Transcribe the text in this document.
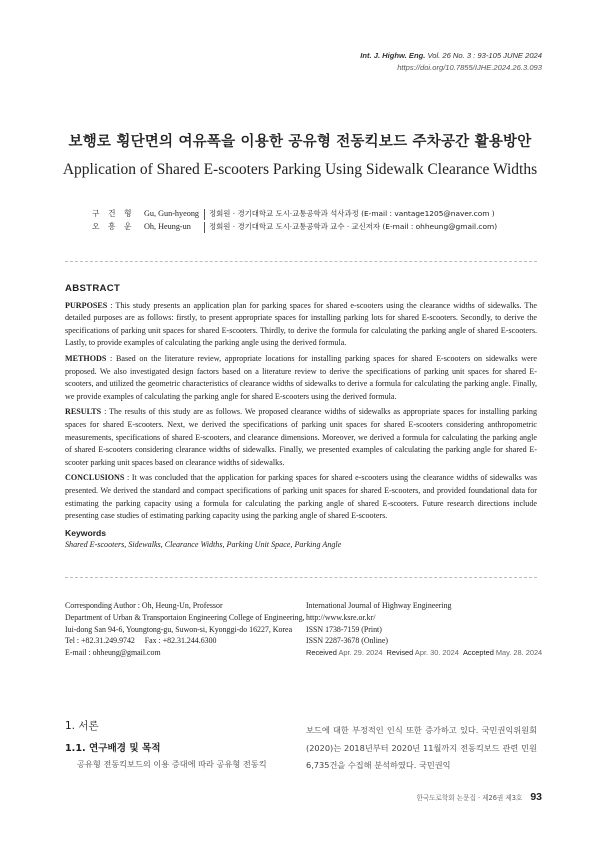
Int. J. Highw. Eng. Vol. 26 No. 3 : 93-105 JUNE 2024
https://doi.org/10.7855/IJHE.2024.26.3.093
보행로 횡단면의 여유폭을 이용한 공유형 전동킥보드 주차공간 활용방안
Application of Shared E-scooters Parking Using Sidewalk Clearance Widths
구 건 형	Gu, Gun-hyeong 정회원 · 경기대학교 도시·교통공학과 석사과정 (E-mail : vantage1205@naver.com )
오 흥 운	Oh, Heung-un	정회원 · 경기대학교 도시·교통공학과 교수 · 교신저자 (E-mail : ohheung@gmail.com)
ABSTRACT

PURPOSES : This study presents an application plan for parking spaces for shared e-scooters using the clearance widths of sidewalks. The detailed purposes are as follows: firstly, to present appropriate spaces for installing parking lots for shared E-scooters. Secondly, to derive the specifications of parking unit spaces for shared E-scooters. Thirdly, to derive the formula for calculating the parking angle of shared E-scooters. Lastly, to provide examples of calculating the parking angle using the derived formula.

METHODS : Based on the literature review, appropriate locations for installing parking spaces for shared E-scooters on sidewalks were proposed. We also investigated design factors based on a literature review to derive the specifications of parking unit spaces for shared E-scooters, and utilized the geometric characteristics of clearance widths of sidewalks to derive a formula for calculating the parking angle. Finally, we provide examples of calculating the parking angle for shared E-scooters using the derived formula.

RESULTS : The results of this study are as follows. We proposed clearance widths of sidewalks as appropriate spaces for installing parking spaces for shared E-scooters. Next, we derived the specifications of parking unit spaces for shared E-scooters considering anthropometric measurements, specifications of shared E-scooters, and clearance dimensions. Moreover, we derived a formula for calculating the parking angle of shared E-scooters considering clearance widths of sidewalks. Finally, we presented examples of calculating the parking angle for shared E-scooter parking unit spaces based on clearance widths of sidewalks.

CONCLUSIONS : It was concluded that the application for parking spaces for shared e-scooters using the clearance widths of sidewalks was presented. We derived the standard and compact specifications of parking unit spaces for shared E-scooters, and provided foundational data for estimating the parking capacity using a formula for calculating the parking angle of shared E-scooters. Future research directions include presenting case studies of estimating parking capacity using the parking angle of shared E-scooters.

Keywords
Shared E-scooters, Sidewalks, Clearance Widths, Parking Unit Space, Parking Angle
Corresponding Author : Oh, Heung-Un, Professor
Department of Urban & Transportaion Engineering College of Engineering,
Iui-dong San 94-6, Youngtong-gu, Suwon-si, Kyonggi-do 16227, Korea
Tel : +82.31.249.9742     Fax : +82.31.244.6300
E-mail : ohheung@gmail.com
International Journal of Highway Engineering
http://www.ksre.or.kr/
ISSN 1738-7159 (Print)
ISSN 2287-3678 (Online)
Received Apr. 29. 2024 Revised Apr. 30. 2024 Accepted May. 28. 2024
1. 서론
1.1. 연구배경 및 목적
공유형 전동킥보드의 이용 증대에 따라 공유형 전동킥
보드에 대한 부정적인 인식 또한 증가하고 있다. 국민권익위원회(2020)는 2018년부터 2020년 11월까지 전동킥보드 관련 민원 6,735건을 수집해 분석하였다. 국민권익
한국도로학회 논문집 · 제26권 제3호 93
